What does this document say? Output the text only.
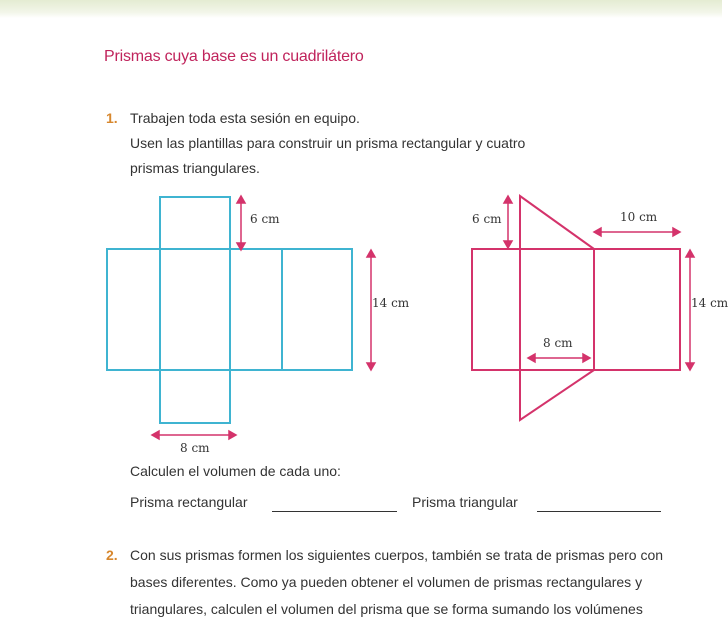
Prismas cuya base es un cuadrilátero
1. Trabajen toda esta sesión en equipo.
Usen las plantillas para construir un prisma rectangular y cuatro
prismas triangulares.
6 cm
14 cm
8 cm
6 cm	10 cm
14 cm
8 cm
Calculen el volumen de cada uno:
Prisma rectangular	Prisma triangular
2. Con sus prismas formen los siguientes cuerpos, también se trata de prismas pero con
bases diferentes. Como ya pueden obtener el volumen de prismas rectangulares y
triangulares, calculen el volumen del prisma que se forma sumando los volúmenes
